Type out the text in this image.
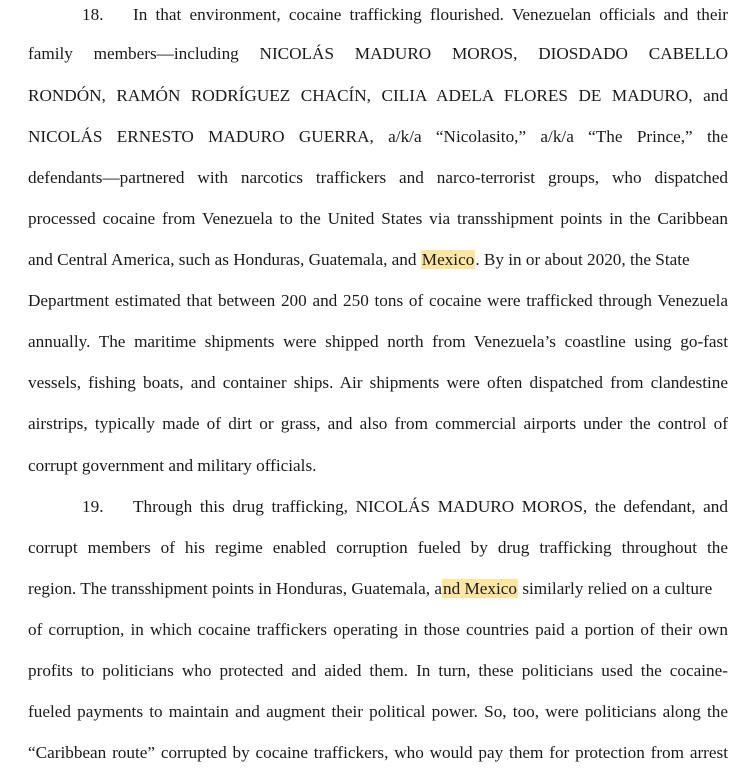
18. In that environment, cocaine trafficking flourished. Venezuelan officials and their
family members—including NICOLÁS MADURO MOROS, DIOSDADO CABELLO
RONDÓN, RAMÓN RODRÍGUEZ CHACÍN, CILIA ADELA FLORES DE MADURO, and
NICOLÁS ERNESTO MADURO GUERRA, a/k/a “Nicolasito,” a/k/a “The Prince,” the
defendants—partnered with narcotics traffickers and narco-terrorist groups, who dispatched
processed cocaine from Venezuela to the United States via transshipment points in the Caribbean
and Central America, such as Honduras, Guatemala, and Mexico. By in or about 2020, the State
Department estimated that between 200 and 250 tons of cocaine were trafficked through Venezuela
annually. The maritime shipments were shipped north from Venezuela’s coastline using go-fast
vessels, fishing boats, and container ships. Air shipments were often dispatched from clandestine
airstrips, typically made of dirt or grass, and also from commercial airports under the control of
corrupt government and military officials.
19. Through this drug trafficking, NICOLÁS MADURO MOROS, the defendant, and
corrupt members of his regime enabled corruption fueled by drug trafficking throughout the
region. The transshipment points in Honduras, Guatemala, and Mexico similarly relied on a culture
of corruption, in which cocaine traffickers operating in those countries paid a portion of their own
profits to politicians who protected and aided them. In turn, these politicians used the cocaine-
fueled payments to maintain and augment their political power. So, too, were politicians along the
“Caribbean route” corrupted by cocaine traffickers, who would pay them for protection from arrest
